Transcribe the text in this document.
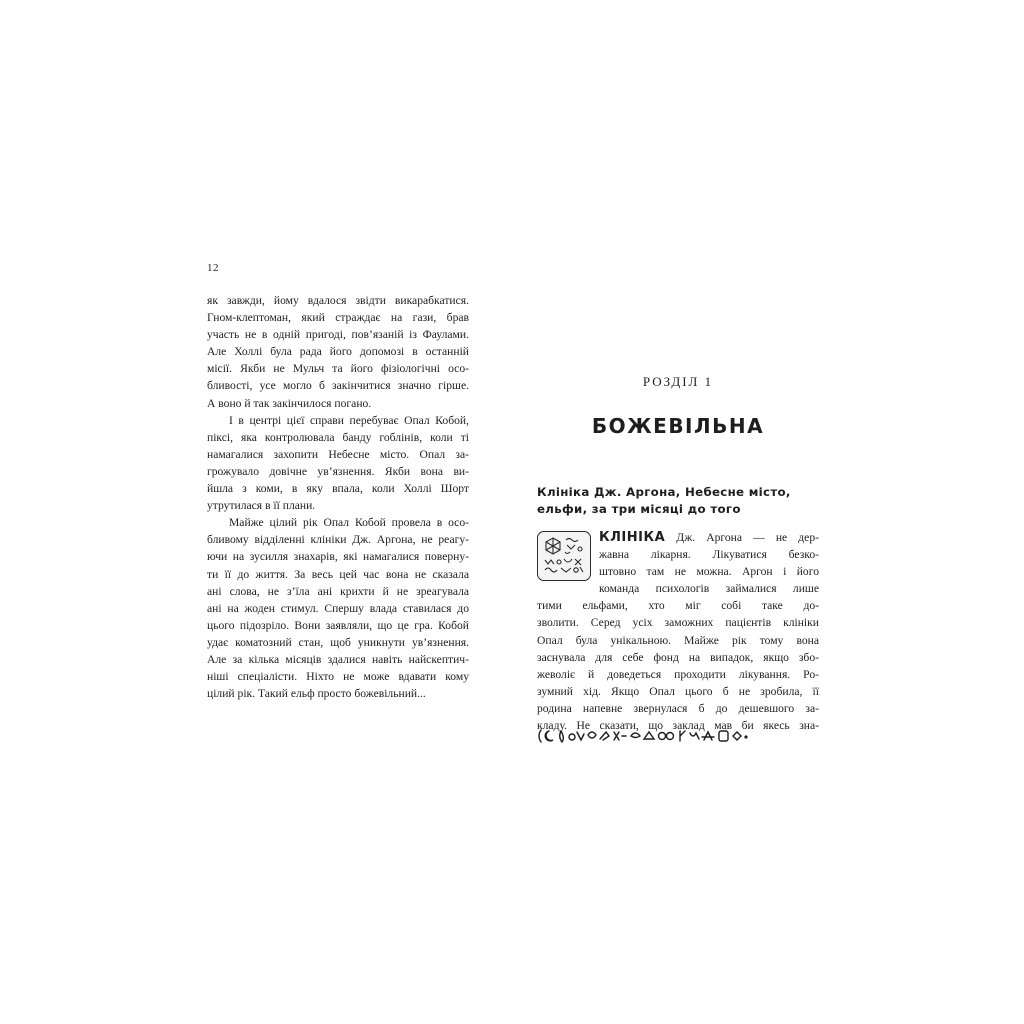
12

як завжди, йому вдалося звідти викарабкатися.
Гном-клептоман, який страждає на гази, брав
участь не в одній пригоді, пов’язаній із Фаулами.
Але Холлі була рада його допомозі в останній
місії. Якби не Мульч та його фізіологічні осо-
бливості, усе могло б закінчитися значно гірше.
А воно й так закінчилося погано.

І в центрі цієї справи перебуває Опал Кобой,
піксі, яка контролювала банду гоблінів, коли ті
намагалися захопити Небесне місто. Опал за-
грожувало довічне ув’язнення. Якби вона ви-
йшла з коми, в яку впала, коли Холлі Шорт
утрутилася в її плани.

Майже цілий рік Опал Кобой провела в осо-
бливому відділенні клініки Дж. Аргона, не реагу-
ючи на зусилля знахарів, які намагалися поверну-
ти її до життя. За весь цей час вона не сказала
ані слова, не з’їла ані крихти й не зреагувала
ані на жоден стимул. Спершу влада ставилася до
цього підозріло. Вони заявляли, що це гра. Кобой
удає коматозний стан, щоб уникнути ув’язнення.
Але за кілька місяців здалися навіть найскептич-
ніші спеціалісти. Ніхто не може вдавати кому
цілий рік. Такий ельф просто божевільний...

РОЗДІЛ 1
БОЖЕВІЛЬНА
Клініка Дж. Аргона, Небесне місто,
ельфи, за три місяці до того
КЛІНІКА Дж. Аргона — не дер-
жавна лікарня. Лікуватися безко-
штовно там не можна. Аргон і його
команда психологів займалися лише
тими ельфами, хто міг собі таке до-
зволити. Серед усіх заможних пацієнтів клініки
Опал була унікальною. Майже рік тому вона
заснувала для себе фонд на випадок, якщо збо-
жеволіє й доведеться проходити лікування. Ро-
зумний хід. Якщо Опал цього б не зробила, її
родина напевне звернулася б до дешевшого за-
кладу. Не сказати, що заклад мав би якесь зна-
